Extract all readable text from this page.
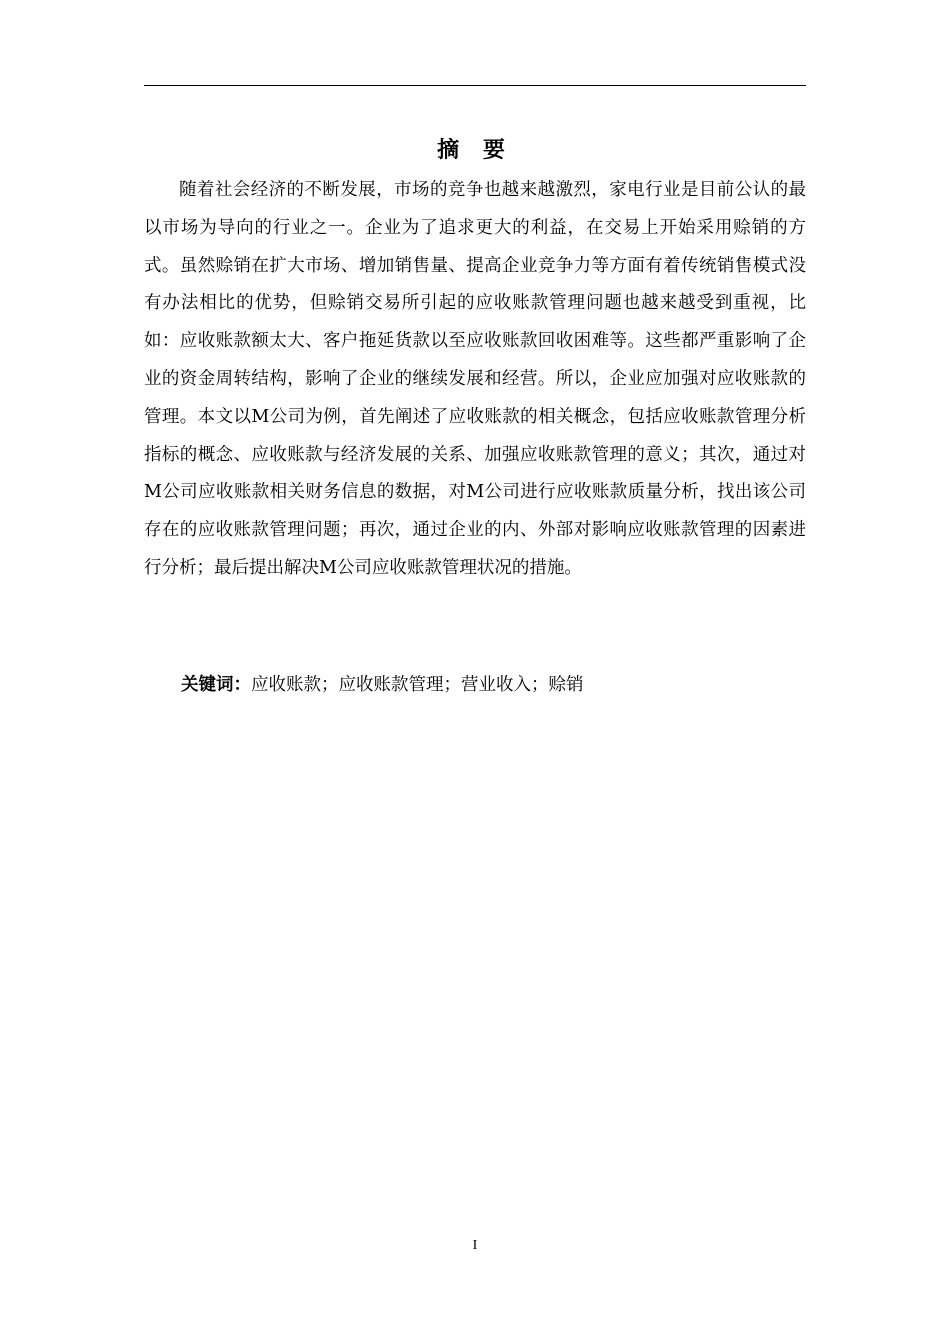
摘 要

随着社会经济的不断发展，市场的竞争也越来越激烈，家电行业是目前公认的最以市场为导向的行业之一。企业为了追求更大的利益，在交易上开始采用赊销的方式。虽然赊销在扩大市场、增加销售量、提高企业竞争力等方面有着传统销售模式没有办法相比的优势，但赊销交易所引起的应收账款管理问题也越来越受到重视，比如：应收账款额太大、客户拖延货款以至应收账款回收困难等。这些都严重影响了企业的资金周转结构，影响了企业的继续发展和经营。所以，企业应加强对应收账款的管理。本文以M公司为例，首先阐述了应收账款的相关概念，包括应收账款管理分析指标的概念、应收账款与经济发展的关系、加强应收账款管理的意义；其次，通过对M公司应收账款相关财务信息的数据，对M公司进行应收账款质量分析，找出该公司存在的应收账款管理问题；再次，通过企业的内、外部对影响应收账款管理的因素进行分析；最后提出解决M公司应收账款管理状况的措施。

关键词：应收账款；应收账款管理；营业收入；赊销
I
